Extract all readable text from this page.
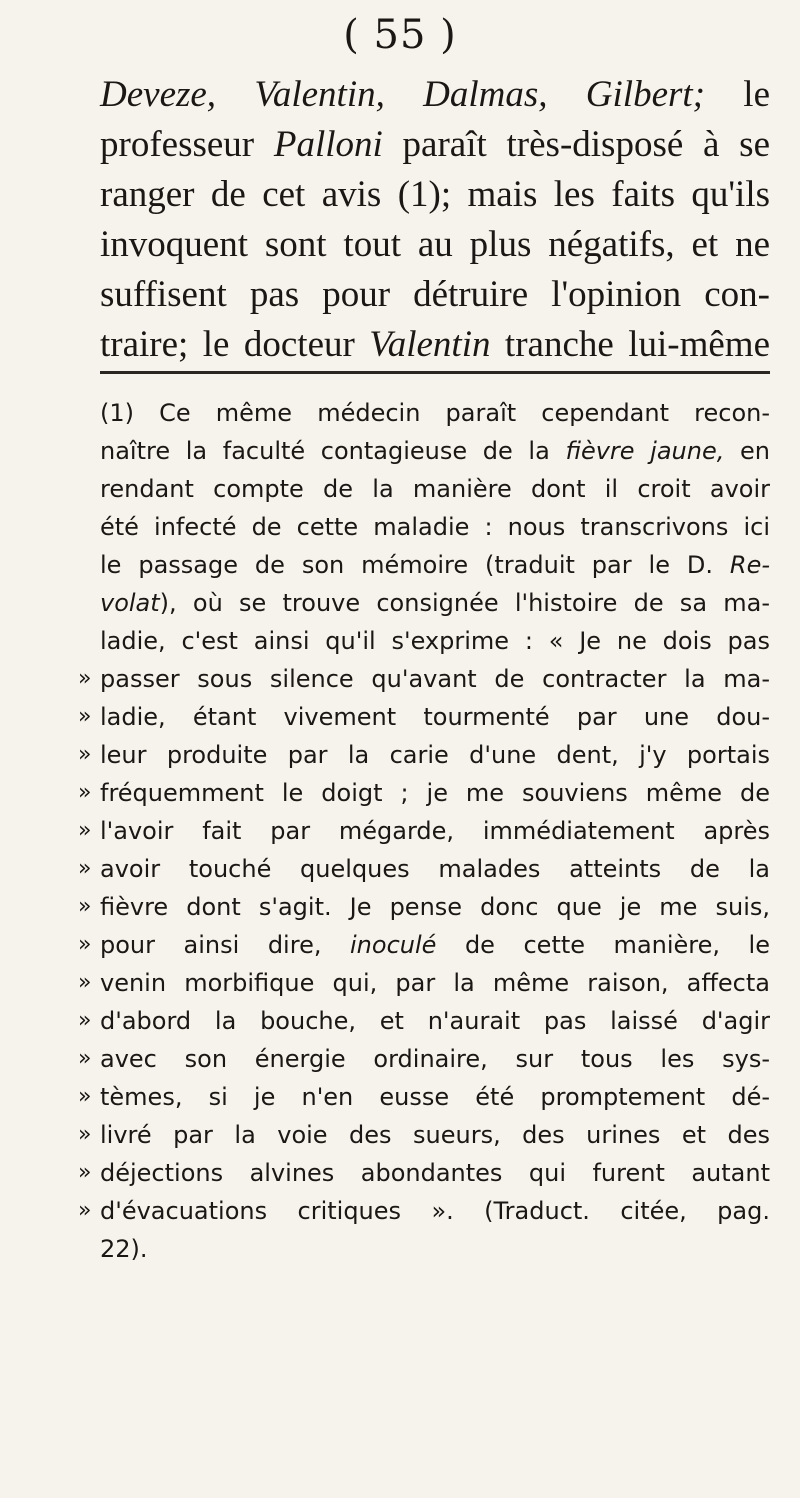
( 55 )
Deveze, Valentin, Dalmas, Gilbert; le
professeur Palloni paraît très-disposé à se
ranger de cet avis (1); mais les faits qu'ils
invoquent sont tout au plus négatifs, et ne
suffisent pas pour détruire l'opinion con-
traire; le docteur Valentin tranche lui-même
(1) Ce même médecin paraît cependant recon-
naître la faculté contagieuse de la fièvre jaune, en
rendant compte de la manière dont il croit avoir
été infecté de cette maladie : nous transcrivons ici
le passage de son mémoire (traduit par le D. Re-
volat), où se trouve consignée l'histoire de sa ma-
ladie, c'est ainsi qu'il s'exprime : « Je ne dois pas
» passer sous silence qu'avant de contracter la ma-
» ladie, étant vivement tourmenté par une dou-
» leur produite par la carie d'une dent, j'y portais
» fréquemment le doigt ; je me souviens même de
» l'avoir fait par mégarde, immédiatement après
» avoir touché quelques malades atteints de la
» fièvre dont s'agit. Je pense donc que je me suis,
» pour ainsi dire, inoculé de cette manière, le
» venin morbifique qui, par la même raison, affecta
» d'abord la bouche, et n'aurait pas laissé d'agir
» avec son énergie ordinaire, sur tous les sys-
» tèmes, si je n'en eusse été promptement dé-
» livré par la voie des sueurs, des urines et des
» déjections alvines abondantes qui furent autant
» d'évacuations critiques ». (Traduct. citée, pag.
22).
